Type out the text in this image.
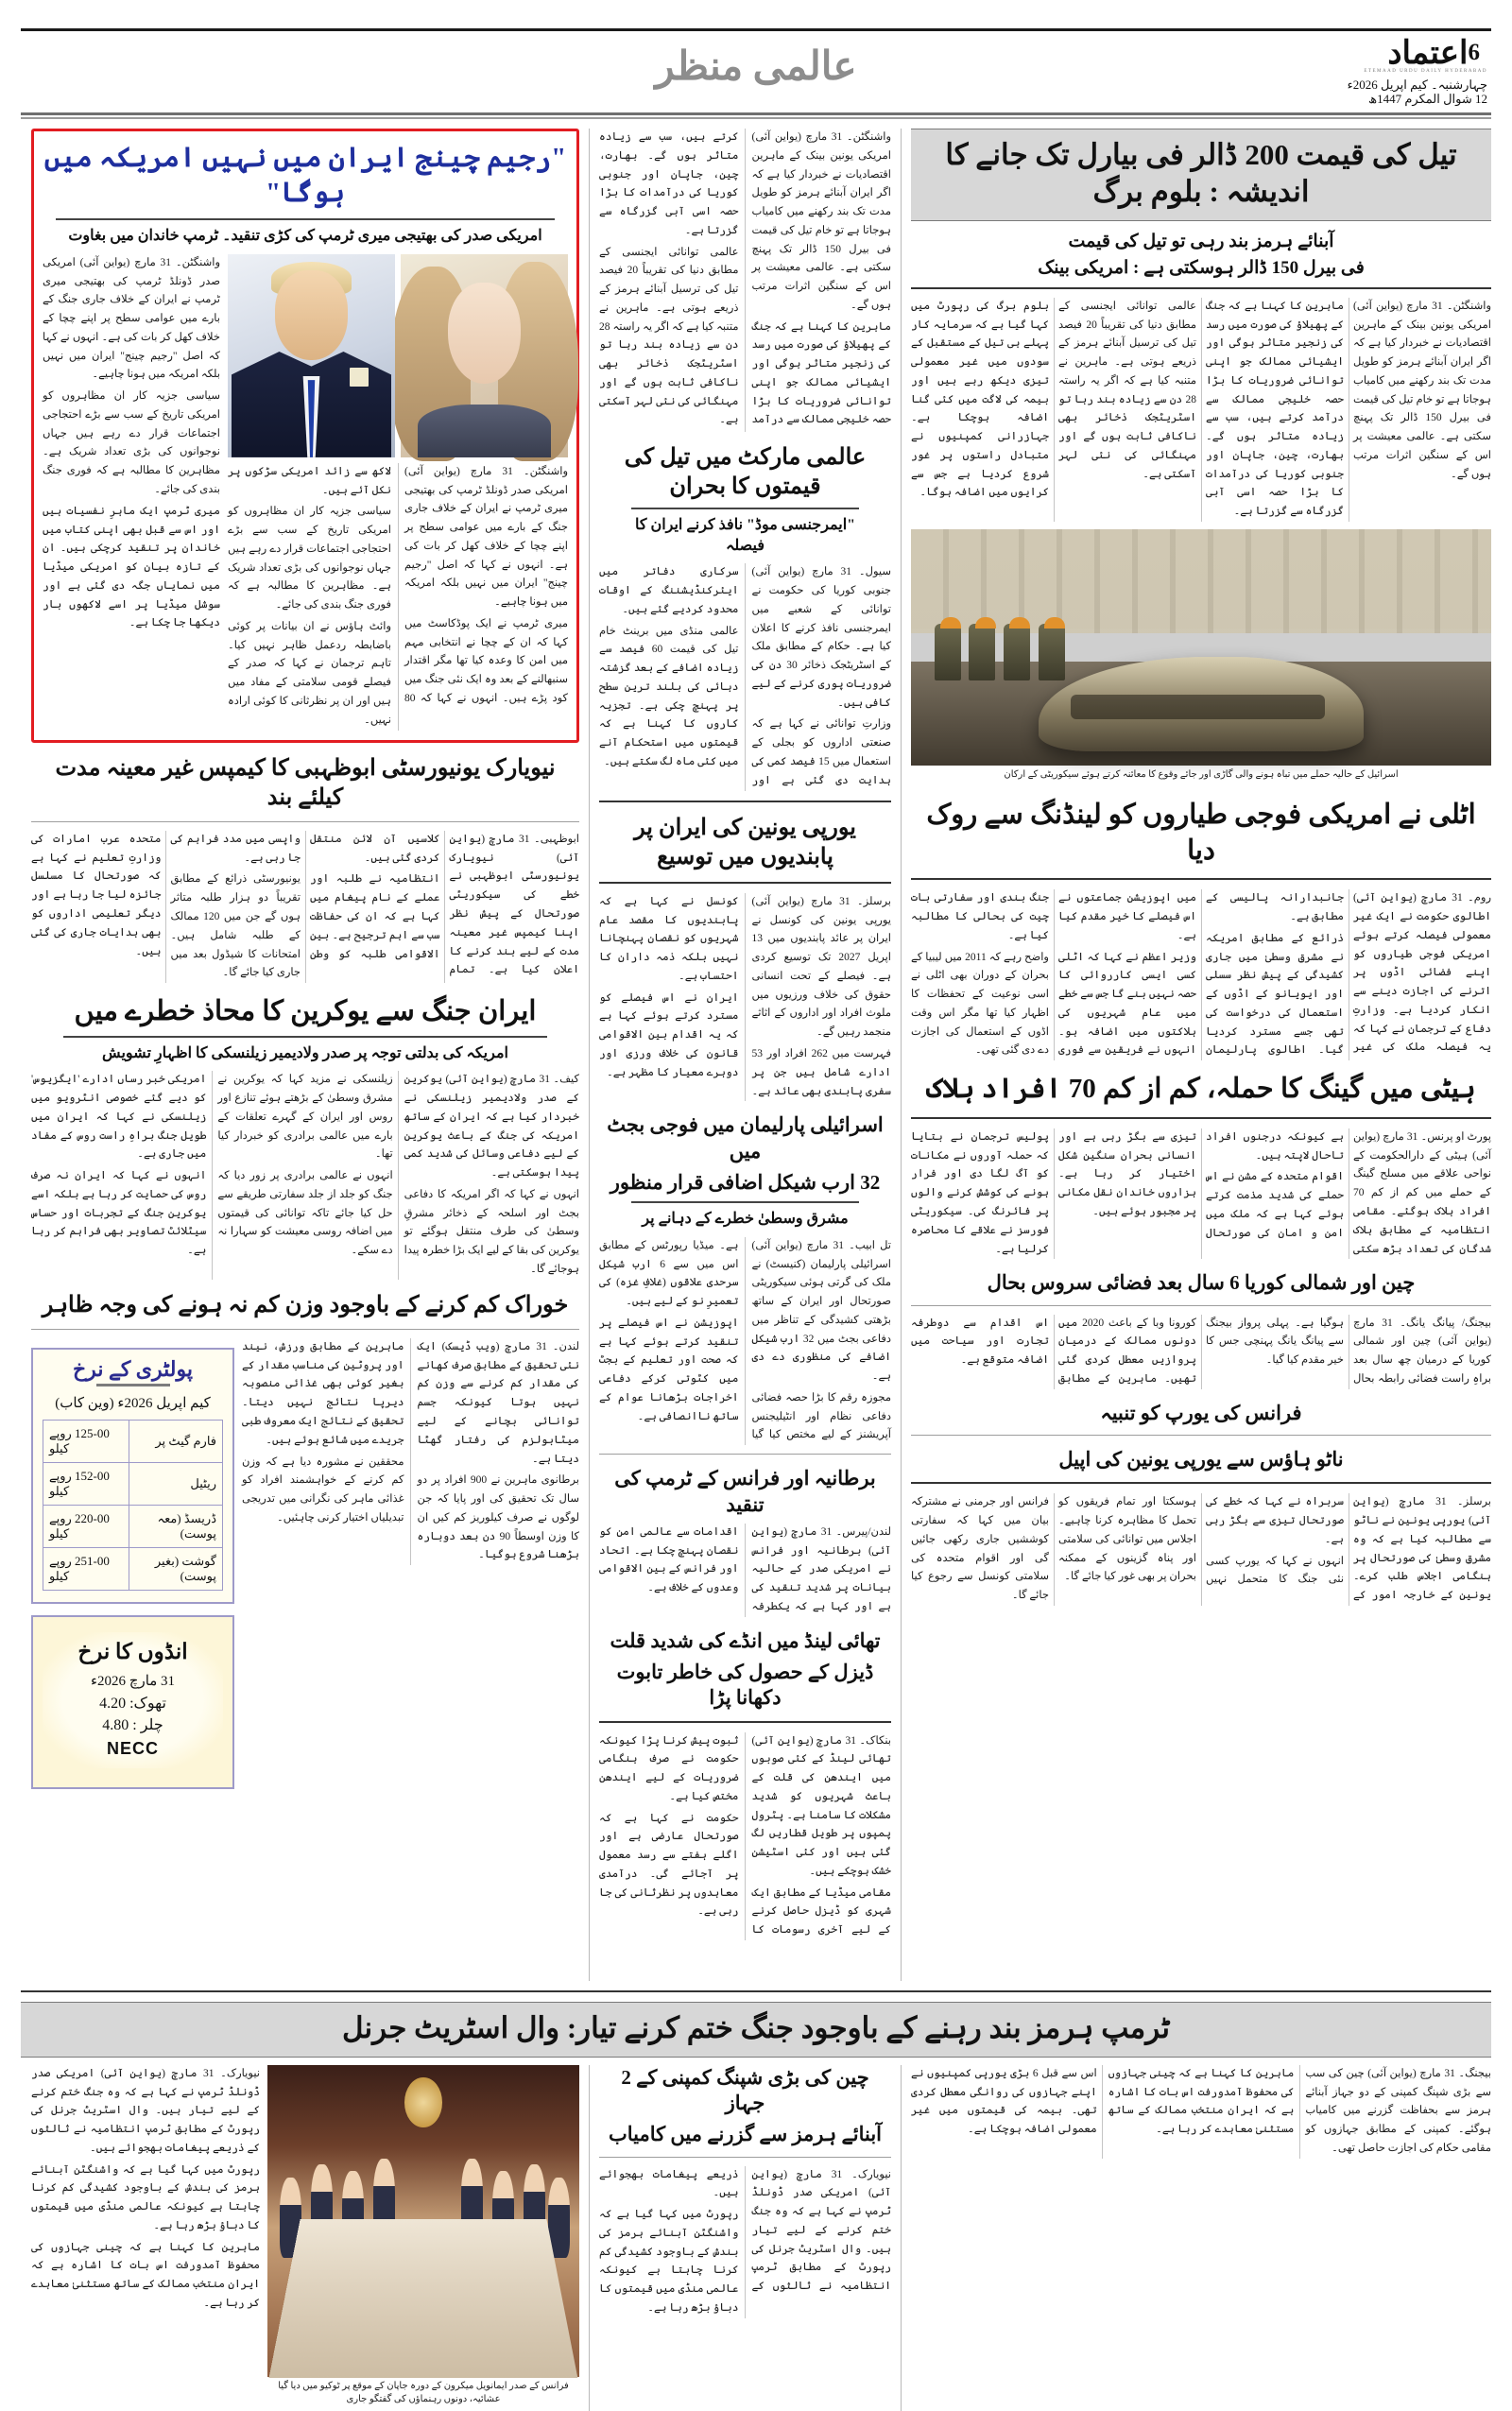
6اعتماد
ETEMAAD URDU DAILY HYDERABAD
چہارشنبہ۔ کیم اپریل 2026ء
12 شوال المکرم 1447ھ
عالمی منظر
تیل کی قیمت 200 ڈالر فی بیارل تک جانے کا اندیشہ : بلوم برگ
آبنائے ہرمز بند رہی تو تیل کی قیمت
فی بیرل 150 ڈالر ہوسکتی ہے : امریکی بینک

واشنگٹن۔ 31 مارچ (یواین آئی) امریکی یونین بینک کے ماہرین اقتصادیات نے خبردار کیا ہے کہ اگر ایران آبنائے ہرمز کو طویل مدت تک بند رکھنے میں کامیاب ہوجاتا ہے تو خام تیل کی قیمت فی بیرل 150 ڈالر تک پہنچ سکتی ہے۔ عالمی معیشت پر اس کے سنگین اثرات مرتب ہوں گے۔

ماہرین کا کہنا ہے کہ جنگ کے پھیلاؤ کی صورت میں رسد کی زنجیر متاثر ہوگی اور ایشیائی ممالک جو اپنی توانائی ضروریات کا بڑا حصہ خلیجی ممالک سے درآمد کرتے ہیں، سب سے زیادہ متاثر ہوں گے۔ بھارت، چین، جاپان اور جنوبی کوریا کی درآمدات کا بڑا حصہ اسی آبی گزرگاہ سے گزرتا ہے۔

عالمی توانائی ایجنسی کے مطابق دنیا کی تقریباً 20 فیصد تیل کی ترسیل آبنائے ہرمز کے ذریعے ہوتی ہے۔ ماہرین نے متنبہ کیا ہے کہ اگر یہ راستہ 28 دن سے زیادہ بند رہا تو اسٹریٹجک ذخائر بھی ناکافی ثابت ہوں گے اور مہنگائی کی نئی لہر آسکتی ہے۔

بلوم برگ کی رپورٹ میں کہا گیا ہے کہ سرمایہ کار پہلے ہی تیل کے مستقبل کے سودوں میں غیر معمولی تیزی دیکھ رہے ہیں اور بیمہ کی لاگت میں کئی گنا اضافہ ہوچکا ہے۔ جہازرانی کمپنیوں نے متبادل راستوں پر غور شروع کردیا ہے جس سے کرایوں میں اضافہ ہوگا۔

اسرائیل کے حالیہ حملے میں تباہ ہونے والی گاڑی اور جائے وقوع کا معائنہ کرتے ہوئے سیکوریٹی کے ارکان
اٹلی نے امریکی فوجی طیاروں کو لینڈنگ سے روک دیا

روم۔ 31 مارچ (یواین آئی) اطالوی حکومت نے ایک غیر معمولی فیصلہ کرتے ہوئے امریکی فوجی طیاروں کو اپنے فضائی اڈوں پر اترنے کی اجازت دینے سے انکار کردیا ہے۔ وزارتِ دفاع کے ترجمان نے کہا کہ یہ فیصلہ ملک کی غیر جانبدارانہ پالیسی کے مطابق ہے۔

ذرائع کے مطابق امریکہ نے مشرقِ وسطیٰ میں جاری کشیدگی کے پیش نظر سسلی اور ایویانو کے اڈوں کے استعمال کی درخواست کی تھی جسے مسترد کردیا گیا۔ اطالوی پارلیمان میں اپوزیشن جماعتوں نے اس فیصلے کا خیر مقدم کیا ہے۔

وزیر اعظم نے کہا کہ اٹلی کسی ایسی کارروائی کا حصہ نہیں بنے گا جس سے خطے میں عام شہریوں کی ہلاکتوں میں اضافہ ہو۔ انہوں نے فریقین سے فوری جنگ بندی اور سفارتی بات چیت کی بحالی کا مطالبہ کیا ہے۔

واضح رہے کہ 2011 میں لیبیا کے بحران کے دوران بھی اٹلی نے اسی نوعیت کے تحفظات کا اظہار کیا تھا مگر اس وقت اڈوں کے استعمال کی اجازت دے دی گئی تھی۔

ہیٹی میں گینگ کا حملہ، کم از کم 70 افراد ہلاک

پورٹ او پرنس۔ 31 مارچ (یواین آئی) ہیٹی کے دارالحکومت کے نواحی علاقے میں مسلح گینگ کے حملے میں کم از کم 70 افراد ہلاک ہوگئے۔ مقامی انتظامیہ کے مطابق ہلاک شدگان کی تعداد بڑھ سکتی ہے کیونکہ درجنوں افراد تاحال لاپتہ ہیں۔

اقوام متحدہ کے مشن نے اس حملے کی شدید مذمت کرتے ہوئے کہا ہے کہ ملک میں امن و امان کی صورتحال تیزی سے بگڑ رہی ہے اور انسانی بحران سنگین شکل اختیار کر رہا ہے۔ ہزاروں خاندان نقل مکانی پر مجبور ہوئے ہیں۔

پولیس ترجمان نے بتایا کہ حملہ آوروں نے مکانات کو آگ لگا دی اور فرار ہونے کی کوشش کرنے والوں پر فائرنگ کی۔ سیکوریٹی فورسز نے علاقے کا محاصرہ کرلیا ہے۔

چین اور شمالی کوریا 6 سال بعد فضائی سروس بحال

بیجنگ/ پیانگ یانگ۔ 31 مارچ (یواین آئی) چین اور شمالی کوریا کے درمیان چھ سال بعد براہِ راست فضائی رابطہ بحال ہوگیا ہے۔ پہلی پرواز بیجنگ سے پیانگ یانگ پہنچی جس کا خیر مقدم کیا گیا۔

کورونا وبا کے باعث 2020 میں دونوں ممالک کے درمیان پروازیں معطل کردی گئی تھیں۔ ماہرین کے مطابق اس اقدام سے دوطرفہ تجارت اور سیاحت میں اضافہ متوقع ہے۔

فرانس کی یورپ کو تنبیہ
ناٹو ہاؤس سے یورپی یونین کی اپیل

برسلز۔ 31 مارچ (یواین آئی) یورپی یونین نے ناٹو سے مطالبہ کیا ہے کہ وہ مشرقِ وسطیٰ کی صورتحال پر ہنگامی اجلاس طلب کرے۔ یونین کے خارجہ امور کے سربراہ نے کہا کہ خطے کی صورتحال تیزی سے بگڑ رہی ہے۔

انہوں نے کہا کہ یورپ کسی نئی جنگ کا متحمل نہیں ہوسکتا اور تمام فریقوں کو تحمل کا مظاہرہ کرنا چاہیے۔ اجلاس میں توانائی کی سلامتی اور پناہ گزینوں کے ممکنہ بحران پر بھی غور کیا جائے گا۔

فرانس اور جرمنی نے مشترکہ بیان میں کہا کہ سفارتی کوششیں جاری رکھی جائیں گی اور اقوام متحدہ کی سلامتی کونسل سے رجوع کیا جائے گا۔

واشنگٹن۔ 31 مارچ (یواین آئی) امریکی یونین بینک کے ماہرین اقتصادیات نے خبردار کیا ہے کہ اگر ایران آبنائے ہرمز کو طویل مدت تک بند رکھنے میں کامیاب ہوجاتا ہے تو خام تیل کی قیمت فی بیرل 150 ڈالر تک پہنچ سکتی ہے۔ عالمی معیشت پر اس کے سنگین اثرات مرتب ہوں گے۔

ماہرین کا کہنا ہے کہ جنگ کے پھیلاؤ کی صورت میں رسد کی زنجیر متاثر ہوگی اور ایشیائی ممالک جو اپنی توانائی ضروریات کا بڑا حصہ خلیجی ممالک سے درآمد کرتے ہیں، سب سے زیادہ متاثر ہوں گے۔ بھارت، چین، جاپان اور جنوبی کوریا کی درآمدات کا بڑا حصہ اسی آبی گزرگاہ سے گزرتا ہے۔

عالمی توانائی ایجنسی کے مطابق دنیا کی تقریباً 20 فیصد تیل کی ترسیل آبنائے ہرمز کے ذریعے ہوتی ہے۔ ماہرین نے متنبہ کیا ہے کہ اگر یہ راستہ 28 دن سے زیادہ بند رہا تو اسٹریٹجک ذخائر بھی ناکافی ثابت ہوں گے اور مہنگائی کی نئی لہر آسکتی ہے۔

عالمی مارکٹ میں تیل کی قیمتوں کا بحران
"ایمرجنسی موڈ" نافذ کرنے ایران کا فیصلہ

سیول۔ 31 مارچ (یواین آئی) جنوبی کوریا کی حکومت نے توانائی کے شعبے میں ایمرجنسی نافذ کرنے کا اعلان کیا ہے۔ حکام کے مطابق ملک کے اسٹریٹجک ذخائر 30 دن کی ضروریات پوری کرنے کے لیے کافی ہیں۔

وزارتِ توانائی نے کہا ہے کہ صنعتی اداروں کو بجلی کے استعمال میں 15 فیصد کمی کی ہدایت دی گئی ہے اور سرکاری دفاتر میں ایئرکنڈیشننگ کے اوقات محدود کردیے گئے ہیں۔

عالمی منڈی میں برینٹ خام تیل کی قیمت 60 فیصد سے زیادہ اضافے کے بعد گزشتہ دہائی کی بلند ترین سطح پر پہنچ چکی ہے۔ تجزیہ کاروں کا کہنا ہے کہ قیمتوں میں استحکام آنے میں کئی ماہ لگ سکتے ہیں۔

یورپی یونین کی ایران پر پابندیوں میں توسیع

برسلز۔ 31 مارچ (یواین آئی) یورپی یونین کی کونسل نے ایران پر عائد پابندیوں میں 13 اپریل 2027 تک توسیع کردی ہے۔ فیصلے کے تحت انسانی حقوق کی خلاف ورزیوں میں ملوث افراد اور اداروں کے اثاثے منجمد رہیں گے۔

فہرست میں 262 افراد اور 53 ادارے شامل ہیں جن پر سفری پابندی بھی عائد ہے۔ کونسل نے کہا ہے کہ پابندیوں کا مقصد عام شہریوں کو نقصان پہنچانا نہیں بلکہ ذمہ داران کا احتساب ہے۔

ایران نے اس فیصلے کو مسترد کرتے ہوئے کہا ہے کہ یہ اقدام بین الاقوامی قانون کی خلاف ورزی اور دوہرے معیار کا مظہر ہے۔

اسرائیلی پارلیمان میں فوجی بجٹ میں
32 ارب شیکل اضافی قرار منظور
مشرق وسطیٰ خطرے کے دہانے پر

تل ابیب۔ 31 مارچ (یواین آئی) اسرائیلی پارلیمان (کنیسٹ) نے ملک کی گرتی ہوئی سیکوریٹی صورتحال اور ایران کے ساتھ بڑھتی کشیدگی کے تناظر میں دفاعی بجٹ میں 32 ارب شیکل اضافے کی منظوری دے دی ہے۔

مجوزہ رقم کا بڑا حصہ فضائی دفاعی نظام اور انٹیلیجنس آپریشنز کے لیے مختص کیا گیا ہے۔ میڈیا رپورٹس کے مطابق اس میں سے 6 ارب شیکل سرحدی علاقوں (غلافِ غزہ) کی تعمیرِ نو کے لیے ہیں۔

اپوزیشن نے اس فیصلے پر تنقید کرتے ہوئے کہا ہے کہ صحت اور تعلیم کے بجٹ میں کٹوتی کرکے دفاعی اخراجات بڑھانا عوام کے ساتھ ناانصافی ہے۔

برطانیہ اور فرانس کے ٹرمپ کی تنقید

لندن/پیرس۔ 31 مارچ (یواین آئی) برطانیہ اور فرانس نے امریکی صدر کے حالیہ بیانات پر شدید تنقید کی ہے اور کہا ہے کہ یکطرفہ اقدامات سے عالمی امن کو نقصان پہنچ چکا ہے۔ اتحاد اور فرانس کے بین الاقوامی وعدوں کے خلاف ہے۔

تھائی لینڈ میں انڈے کی شدید قلت
ڈیزل کے حصول کی خاطر تابوت دکھانا پڑا

بنکاک۔ 31 مارچ (یواین آئی) تھائی لینڈ کے کئی صوبوں میں ایندھن کی قلت کے باعث شہریوں کو شدید مشکلات کا سامنا ہے۔ پٹرول پمپوں پر طویل قطاریں لگ گئی ہیں اور کئی اسٹیشن خشک ہوچکے ہیں۔

مقامی میڈیا کے مطابق ایک شہری کو ڈیزل حاصل کرنے کے لیے آخری رسومات کا ثبوت پیش کرنا پڑا کیونکہ حکومت نے صرف ہنگامی ضروریات کے لیے ایندھن مختص کیا ہے۔

حکومت نے کہا ہے کہ صورتحال عارضی ہے اور اگلے ہفتے سے رسد معمول پر آجائے گی۔ درآمدی معاہدوں پر نظرثانی کی جا رہی ہے۔

"رجیم چینج ایران میں نہیں امریکہ میں ہوگا"
امریکی صدر کی بھتیجی میری ٹرمپ کی کڑی تنقید۔ ٹرمپ خاندان میں بغاوت

واشنگٹن۔ 31 مارچ (یواین آئی) امریکی صدر ڈونلڈ ٹرمپ کی بھتیجی میری ٹرمپ نے ایران کے خلاف جاری جنگ کے بارے میں عوامی سطح پر اپنے چچا کے خلاف کھل کر بات کی ہے۔ انہوں نے کہا کہ اصل "رجیم چینج" ایران میں نہیں بلکہ امریکہ میں ہونا چاہیے۔

میری ٹرمپ نے ایک پوڈکاسٹ میں کہا کہ ان کے چچا نے انتخابی مہم میں امن کا وعدہ کیا تھا مگر اقتدار سنبھالنے کے بعد وہ ایک نئی جنگ میں کود پڑے ہیں۔ انہوں نے کہا کہ 80 لاکھ سے زائد امریکی سڑکوں پر نکل آئے ہیں۔

سیاسی جزیہ کار ان مظاہروں کو امریکی تاریخ کے سب سے بڑے احتجاجی اجتماعات قرار دے رہے ہیں جہاں نوجوانوں کی بڑی تعداد شریک ہے۔ مظاہرین کا مطالبہ ہے کہ فوری جنگ بندی کی جائے۔

وائٹ ہاؤس نے ان بیانات پر کوئی باضابطہ ردعمل ظاہر نہیں کیا۔ تاہم ترجمان نے کہا کہ صدر کے فیصلے قومی سلامتی کے مفاد میں ہیں اور ان پر نظرثانی کا کوئی ارادہ نہیں۔

واشنگٹن۔ 31 مارچ (یواین آئی) امریکی صدر ڈونلڈ ٹرمپ کی بھتیجی میری ٹرمپ نے ایران کے خلاف جاری جنگ کے بارے میں عوامی سطح پر اپنے چچا کے خلاف کھل کر بات کی ہے۔ انہوں نے کہا کہ اصل "رجیم چینج" ایران میں نہیں بلکہ امریکہ میں ہونا چاہیے۔

سیاسی جزیہ کار ان مظاہروں کو امریکی تاریخ کے سب سے بڑے احتجاجی اجتماعات قرار دے رہے ہیں جہاں نوجوانوں کی بڑی تعداد شریک ہے۔ مظاہرین کا مطالبہ ہے کہ فوری جنگ بندی کی جائے۔

میری ٹرمپ ایک ماہرِ نفسیات ہیں اور اس سے قبل بھی اپنی کتاب میں خاندان پر تنقید کرچکی ہیں۔ ان کے تازہ بیان کو امریکی میڈیا میں نمایاں جگہ دی گئی ہے اور سوشل میڈیا پر اسے لاکھوں بار دیکھا جا چکا ہے۔

نیویارک یونیورسٹی ابوظہبی کا کیمپس غیر معینہ مدت کیلئے بند

ابوظہبی۔ 31 مارچ (یواین آئی) نیویارک یونیورسٹی ابوظہبی نے خطے کی سیکوریٹی صورتحال کے پیش نظر اپنا کیمپس غیر معینہ مدت کے لیے بند کرنے کا اعلان کیا ہے۔ تمام کلاسیں آن لائن منتقل کردی گئی ہیں۔

انتظامیہ نے طلبہ اور عملے کے نام پیغام میں کہا ہے کہ ان کی حفاظت سب سے اہم ترجیح ہے۔ بین الاقوامی طلبہ کو وطن واپسی میں مدد فراہم کی جا رہی ہے۔

یونیورسٹی ذرائع کے مطابق تقریباً دو ہزار طلبہ متاثر ہوں گے جن میں 120 ممالک کے طلبہ شامل ہیں۔ امتحانات کا شیڈول بعد میں جاری کیا جائے گا۔

متحدہ عرب امارات کی وزارتِ تعلیم نے کہا ہے کہ صورتحال کا مسلسل جائزہ لیا جا رہا ہے اور دیگر تعلیمی اداروں کو بھی ہدایات جاری کی گئی ہیں۔

ایران جنگ سے یوکرین کا محاذ خطرے میں
امریکہ کی بدلتی توجہ پر صدر ولادیمیر زیلنسکی کا اظہارِ تشویش

کیف۔ 31 مارچ (یواین آئی) یوکرین کے صدر ولادیمیر زیلنسکی نے خبردار کیا ہے کہ ایران کے ساتھ امریکہ کی جنگ کے باعث یوکرین کے لیے دفاعی وسائل کی شدید کمی پیدا ہوسکتی ہے۔

انہوں نے کہا کہ اگر امریکہ کا دفاعی بجٹ اور اسلحہ کے ذخائر مشرقِ وسطیٰ کی طرف منتقل ہوگئے تو یوکرین کی بقا کے لیے ایک بڑا خطرہ پیدا ہوجائے گا۔

زیلنسکی نے مزید کہا کہ یوکرین نے مشرق وسطیٰ کے بڑھتے ہوئے تنازع اور روس اور ایران کے گہرے تعلقات کے بارے میں عالمی برادری کو خبردار کیا تھا۔

انہوں نے عالمی برادری پر زور دیا کہ جنگ کو جلد از جلد سفارتی طریقے سے حل کیا جائے تاکہ توانائی کی قیمتوں میں اضافہ روسی معیشت کو سہارا نہ دے سکے۔

امریکی خبر رساں ادارے 'ایگزیوس' کو دیے گئے خصوصی انٹرویو میں زیلنسکی نے کہا کہ ایران میں طویل جنگ براہِ راست روس کے مفاد میں جاری ہے۔

انہوں نے کہا کہ ایران نہ صرف روس کی حمایت کر رہا ہے بلکہ اسے یوکرین جنگ کے تجربات اور حساس سیٹلائٹ تصاویر بھی فراہم کر رہا ہے۔

خوراک کم کرنے کے باوجود وزن کم نہ ہونے کی وجہ ظاہر

لندن۔ 31 مارچ (ویب ڈیسک) ایک نئی تحقیق کے مطابق صرف کھانے کی مقدار کم کرنے سے وزن کم نہیں ہوتا کیونکہ جسم توانائی بچانے کے لیے میٹابولزم کی رفتار گھٹا دیتا ہے۔

برطانوی ماہرین نے 900 افراد پر دو سال تک تحقیق کی اور پایا کہ جن لوگوں نے صرف کیلوریز کم کیں ان کا وزن اوسطاً 90 دن بعد دوبارہ بڑھنا شروع ہوگیا۔

ماہرین کے مطابق ورزش، نیند اور پروٹین کی مناسب مقدار کے بغیر کوئی بھی غذائی منصوبہ دیرپا نتائج نہیں دیتا۔ تحقیق کے نتائج ایک معروف طبی جریدے میں شائع ہوئے ہیں۔

محققین نے مشورہ دیا ہے کہ وزن کم کرنے کے خواہشمند افراد کو غذائی ماہر کی نگرانی میں تدریجی تبدیلیاں اختیار کرنی چاہئیں۔

پولٹری کے نرخ
کیم اپریل 2026ء (وین کاب)
فارم گیٹ پر	125-00 روپے کیلو
ریٹیل	152-00 روپے کیلو
ڈریسڈ (معہ پوست)	220-00 روپے کیلو
گوشت (بغیر پوست)	251-00 روپے کیلو
انڈوں کا نرخ
31 مارچ 2026ء
تھوک: 4.20
چلر : 4.80
NECC
ٹرمپ ہرمز بند رہنے کے باوجود جنگ ختم کرنے تیار: وال اسٹریٹ جرنل

بیجنگ۔ 31 مارچ (یواین آئی) چین کی سب سے بڑی شپنگ کمپنی کے دو جہاز آبنائے ہرمز سے بحفاظت گزرنے میں کامیاب ہوگئے۔ کمپنی کے مطابق جہازوں کو مقامی حکام کی اجازت حاصل تھی۔

ماہرین کا کہنا ہے کہ چینی جہازوں کی محفوظ آمدورفت اس بات کا اشارہ ہے کہ ایران منتخب ممالک کے ساتھ مستثنیٰ معاہدے کر رہا ہے۔

اس سے قبل 6 بڑی یورپی کمپنیوں نے اپنے جہازوں کی روانگی معطل کردی تھی۔ بیمہ کی قیمتوں میں غیر معمولی اضافہ ہوچکا ہے۔

چین کی بڑی شپنگ کمپنی کے 2 جہاز
آبنائے ہرمز سے گزرنے میں کامیاب

نیویارک۔ 31 مارچ (یواین آئی) امریکی صدر ڈونلڈ ٹرمپ نے کہا ہے کہ وہ جنگ ختم کرنے کے لیے تیار ہیں۔ وال اسٹریٹ جرنل کی رپورٹ کے مطابق ٹرمپ انتظامیہ نے ثالثوں کے ذریعے پیغامات بھجوائے ہیں۔

رپورٹ میں کہا گیا ہے کہ واشنگٹن آبنائے ہرمز کی بندش کے باوجود کشیدگی کم کرنا چاہتا ہے کیونکہ عالمی منڈی میں قیمتوں کا دباؤ بڑھ رہا ہے۔

فرانس کے صدر ایمانویل میکرون کے دورہ جاپان کے موقع پر ٹوکیو میں دیا گیا عشائیہ، دونوں رہنماؤں کی گفتگو جاری

نیویارک۔ 31 مارچ (یواین آئی) امریکی صدر ڈونلڈ ٹرمپ نے کہا ہے کہ وہ جنگ ختم کرنے کے لیے تیار ہیں۔ وال اسٹریٹ جرنل کی رپورٹ کے مطابق ٹرمپ انتظامیہ نے ثالثوں کے ذریعے پیغامات بھجوائے ہیں۔

رپورٹ میں کہا گیا ہے کہ واشنگٹن آبنائے ہرمز کی بندش کے باوجود کشیدگی کم کرنا چاہتا ہے کیونکہ عالمی منڈی میں قیمتوں کا دباؤ بڑھ رہا ہے۔

ماہرین کا کہنا ہے کہ چینی جہازوں کی محفوظ آمدورفت اس بات کا اشارہ ہے کہ ایران منتخب ممالک کے ساتھ مستثنیٰ معاہدے کر رہا ہے۔
